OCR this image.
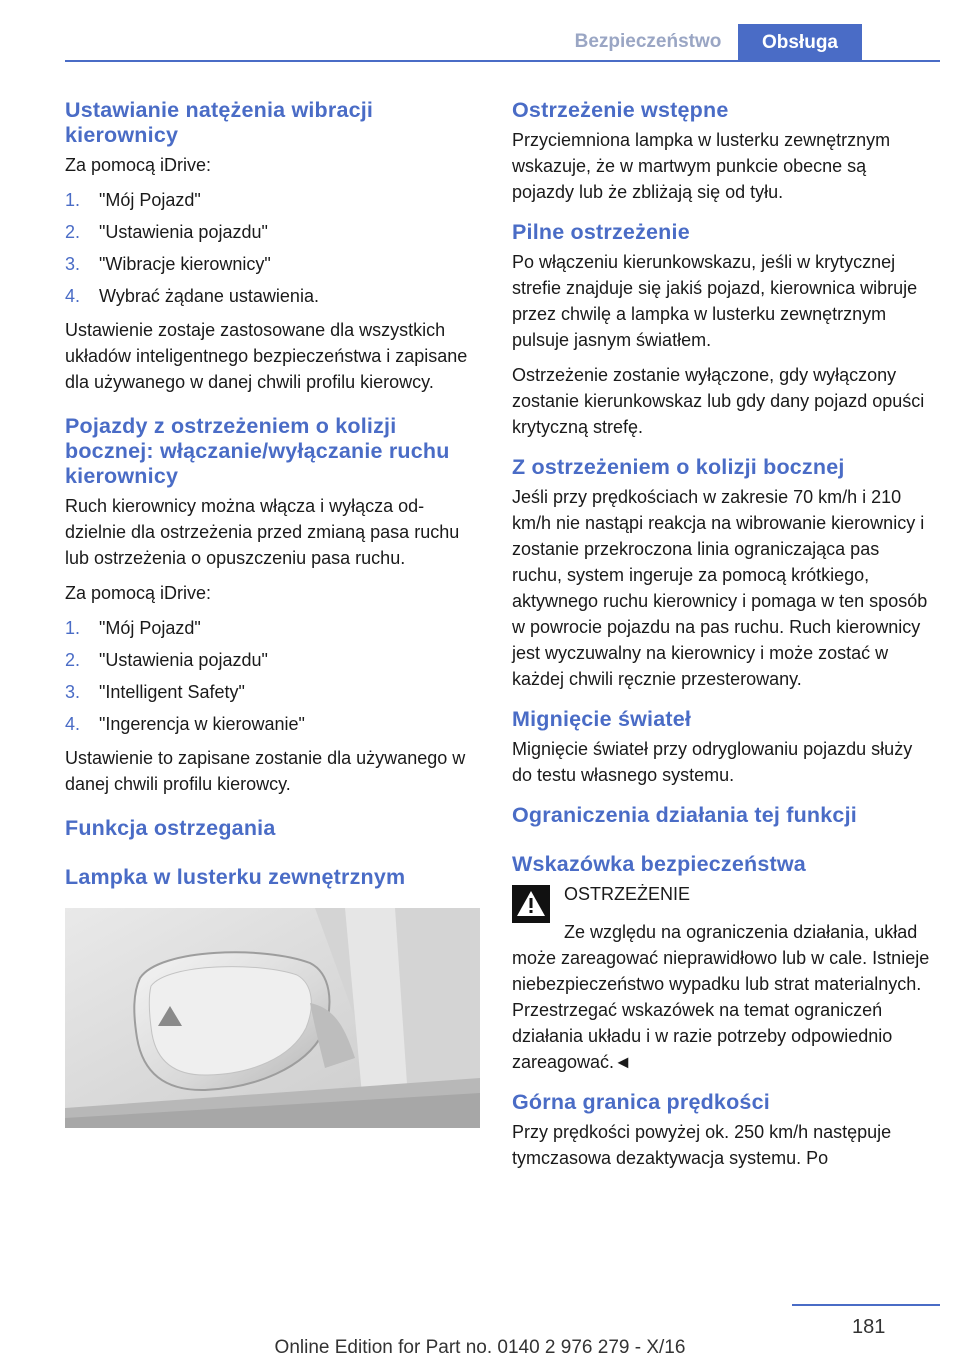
Bezpieczeństwo	Obsługa
Ustawianie natężenia wibracji kierownicy
Za pomocą iDrive:
1.	"Mój Pojazd"
2.	"Ustawienia pojazdu"
3.	"Wibracje kierownicy"
4.	Wybrać żądane ustawienia.
Ustawienie zostaje zastosowane dla wszystkich układów inteligentnego bezpieczeństwa i zapisane dla używanego w danej chwili profilu kierowcy.
Pojazdy z ostrzeżeniem o kolizji bocznej: włączanie/wyłączanie ruchu kierownicy
Ruch kierownicy można włącza i wyłącza oddzielnie dla ostrzeżenia przed zmianą pasa ruchu lub ostrzeżenia o opuszczeniu pasa ruchu.
Za pomocą iDrive:
1.	"Mój Pojazd"
2.	"Ustawienia pojazdu"
3.	"Intelligent Safety"
4.	"Ingerencja w kierowanie"
Ustawienie to zapisane zostanie dla używanego w danej chwili profilu kierowcy.
Funkcja ostrzegania
Lampka w lusterku zewnętrznym
Ostrzeżenie wstępne
Przyciemniona lampka w lusterku zewnętrznym wskazuje, że w martwym punkcie obecne są pojazdy lub że zbliżają się od tyłu.
Pilne ostrzeżenie
Po włączeniu kierunkowskazu, jeśli w krytycznej strefie znajduje się jakiś pojazd, kierownica wibruje przez chwilę a lampka w lusterku zewnętrznym pulsuje jasnym światłem.
Ostrzeżenie zostanie wyłączone, gdy wyłączony zostanie kierunkowskaz lub gdy dany pojazd opuści krytyczną strefę.
Z ostrzeżeniem o kolizji bocznej
Jeśli przy prędkościach w zakresie 70 km/h i 210 km/h nie nastąpi reakcja na wibrowanie kierownicy i zostanie przekroczona linia ograniczająca pas ruchu, system ingeruje za pomocą krótkiego, aktywnego ruchu kierownicy i pomaga w ten sposób w powrocie pojazdu na pas ruchu. Ruch kierownicy jest wyczuwalny na kierownicy i może zostać w każdej chwili ręcznie przesterowany.
Mignięcie świateł
Mignięcie świateł przy odryglowaniu pojazdu służy do testu własnego systemu.
Ograniczenia działania tej funkcji
Wskazówka bezpieczeństwa
OSTRZEŻENIE
Ze względu na ograniczenia działania, układ może zareagować nieprawidłowo lub w cale. Istnieje niebezpieczeństwo wypadku lub strat materialnych. Przestrzegać wskazówek na temat ograniczeń działania układu i w razie potrzeby odpowiednio zareagować.◄
Górna granica prędkości
Przy prędkości powyżej ok. 250 km/h następuje tymczasowa dezaktywacja systemu. Po
181
Online Edition for Part no. 0140 2 976 279 - X/16
